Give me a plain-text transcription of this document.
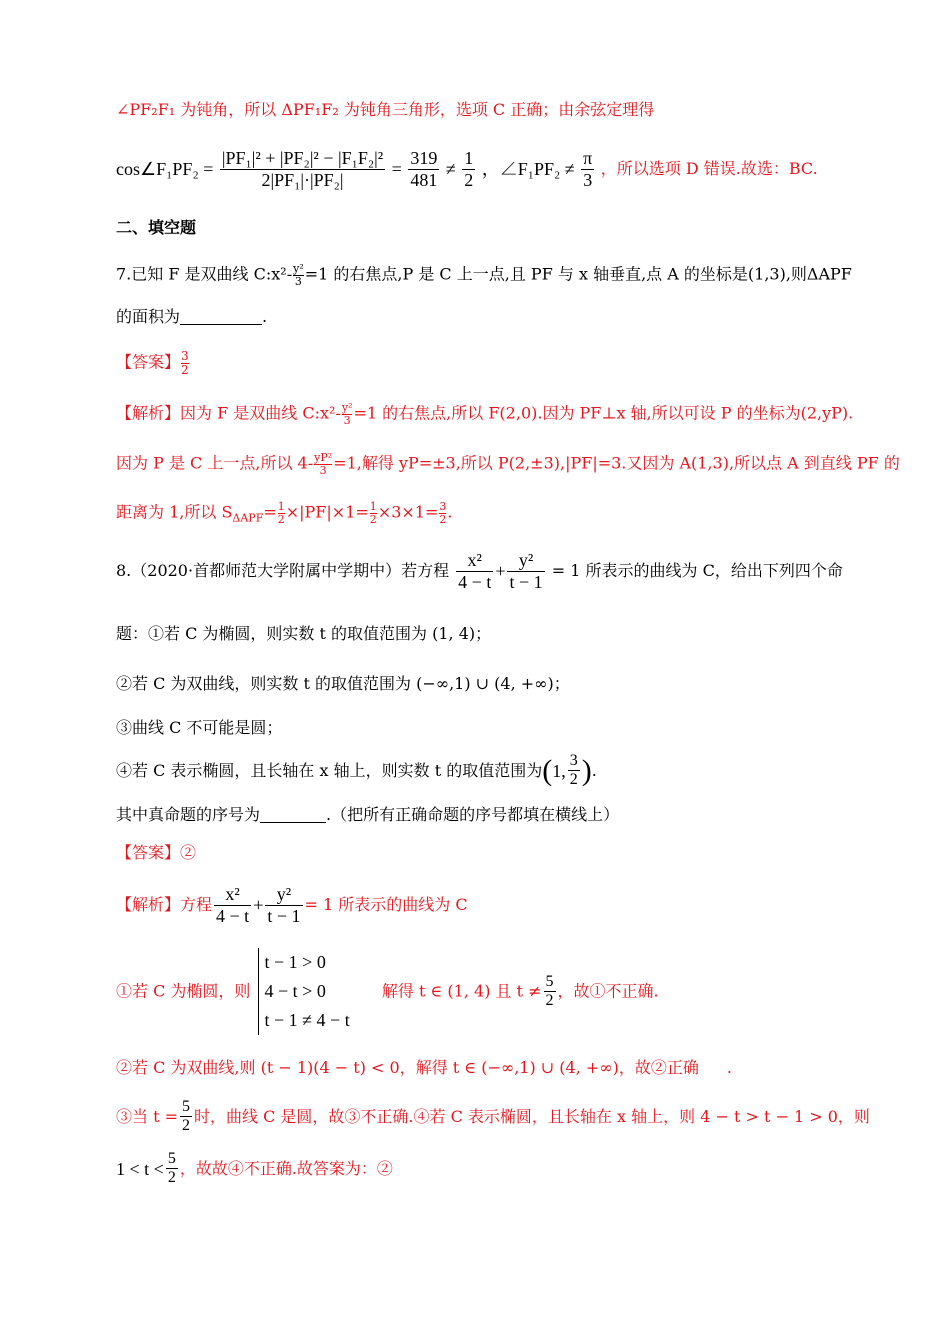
∠PF₂F₁ 为钝角，所以 ΔPF₁F₂ 为钝角三角形，选项 C 正确；由余弦定理得
cos∠F₁PF₂ = $\frac{\text{|PF₁|² + |PF₂|² − |F₁F₂|²}}{\text{2|PF₁|·|PF₂|}} = \frac{319}{481} \ne \frac{1}{2}$ ，∠F₁PF₂ ≠ $\frac{\pi}{3}$ ，所以选项 D 错误.故选：BC.
二、填空题
7.已知 F 是双曲线 C:x²- $\frac{\text{y²}}{3} =1$ 的右焦点,P 是 C 上一点,且 PF 与 x 轴垂直,点 A 的坐标是(1,3),则ΔAPF
的面积为	.
【答案】 $\frac{3}{2}$
【解析】因为 F 是双曲线 C:x²- $\frac{\text{y²}}{3} =1$ 的右焦点,所以 F(2,0).因为 PF⊥x 轴,所以可设 P 的坐标为(2,yP).
因为 P 是 C 上一点,所以 $4- \frac{\text{yP²}}{3} =1$,解得 yP=±3,所以 P(2,±3),|PF|=3.又因为 A(1,3),所以点 A 到直线 PF 的
距离为 1,所以 $S_{\Delta APF}= \frac{1}{2} \times|PF|\times 1= \frac{1}{2} \times 3\times 1= \frac{3}{2}$ .
8.（2020·首都师范大学附属中学期中）若方程 $\frac{\text{x²}}{4 - t} + \frac{\text{y²}}{t - 1} = 1$ 所表示的曲线为 C，给出下列四个命
题：①若 C 为椭圆，则实数 t 的取值范围为 (1, 4)；
②若 C 为双曲线，则实数 t 的取值范围为 (−∞,1) ∪ (4, +∞)；
③曲线 C 不可能是圆；
④若 C 表示椭圆，且长轴在 x 轴上，则实数 t 的取值范围为(1, $\frac{3}{2}$ ).
其中真命题的序号为	.（把所有正确命题的序号都填在横线上）
【答案】②
【解析】方程 $\frac{\text{x²}}{4 - t} + \frac{\text{y²}}{t - 1} = 1$ 所表示的曲线为 C
①若 C 为椭圆，则
t − 1 > 0
4 − t > 0
t − 1 ≠ 4 − t
解得 t ∈ (1, 4) 且 $t \ne \frac{5}{2}$ ，故①不正确.
②若 C 为双曲线,则 (t − 1)(4 − t) < 0，解得 t ∈ (−∞,1) ∪ (4, +∞)，故②正确 .
③当 $t = \frac{5}{2}$ 时，曲线 C 是圆，故③不正确.④若 C 表示椭圆，且长轴在 x 轴上，则 4 − t > t − 1 > 0，则
$1 < t < \frac{5}{2}$ ，故故④不正确.故答案为：②
